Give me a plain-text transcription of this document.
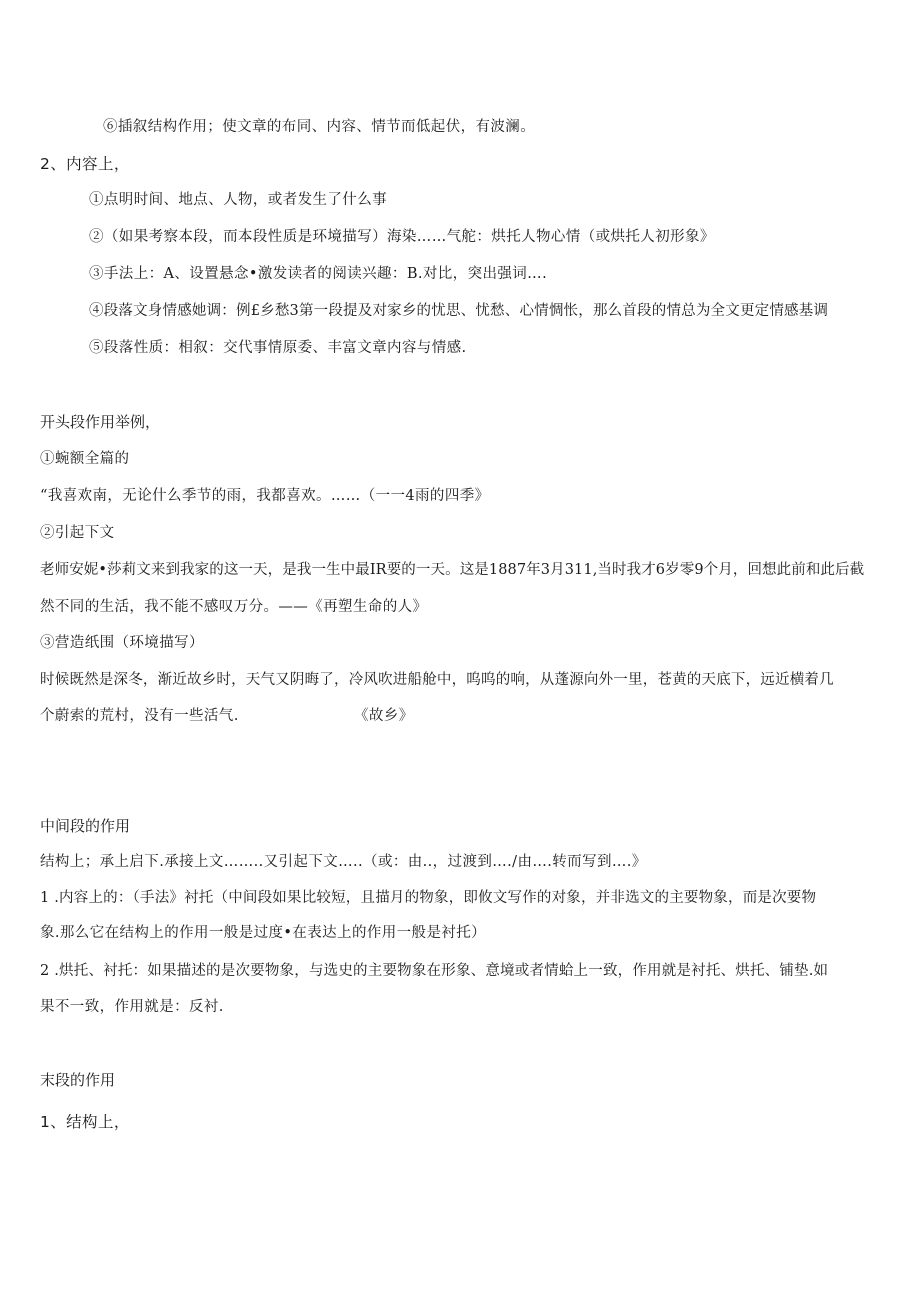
⑥插叙结构作用；使文章的布同、内容、情节而低起伏，有波澜。
2、内容上，
①点明时间、地点、人物，或者发生了什么事
②（如果考察本段，而本段性质是环境描写）海染……气舵：烘托人物心情（或烘托人初形象》
③手法上：A、设置悬念•激发读者的阅读兴趣：B.对比，突出强词….
④段落文身情感她调：例£乡愁3第一段提及对家乡的忧思、忧愁、心情惆怅，那么首段的情总为全文更定情感基调
⑤段落性质：相叙：交代事情原委、丰富文章内容与情感.
开头段作用举例，
①蜿额全篇的
“我喜欢南，无论什么季节的雨，我都喜欢。……（一一4雨的四季》
②引起下文
老师安妮•莎莉文来到我家的这一天，是我一生中最IR要的一天。这是1887年3月311,当时我才6岁零9个月，回想此前和此后截
然不同的生活，我不能不感叹万分。——《再塑生命的人》
③营造纸围（环境描写）
时候既然是深冬，渐近故乡时，天气又阴晦了，冷风吹进船舱中，呜呜的响，从蓬源向外一里，苍黄的天底下，远近横着几
个蔚索的荒村，没有一些活气.	《故乡》
中间段的作用
结构上；承上启下.承接上文……..又引起下文…..（或：由..，过渡到…./由….转而写到….》
1 .内容上的：（手法》衬托（中间段如果比较短，且描月的物象，即攸文写作的对象，并非选文的主要物象，而是次要物
象.那么它在结构上的作用一般是过度•在表达上的作用一般是衬托）
2 .烘托、衬托：如果描述的是次要物象，与选史的主要物象在形象、意境或者情蛤上一致，作用就是衬托、烘托、铺垫.如
果不一致，作用就是：反衬.
末段的作用
1、结构上，
